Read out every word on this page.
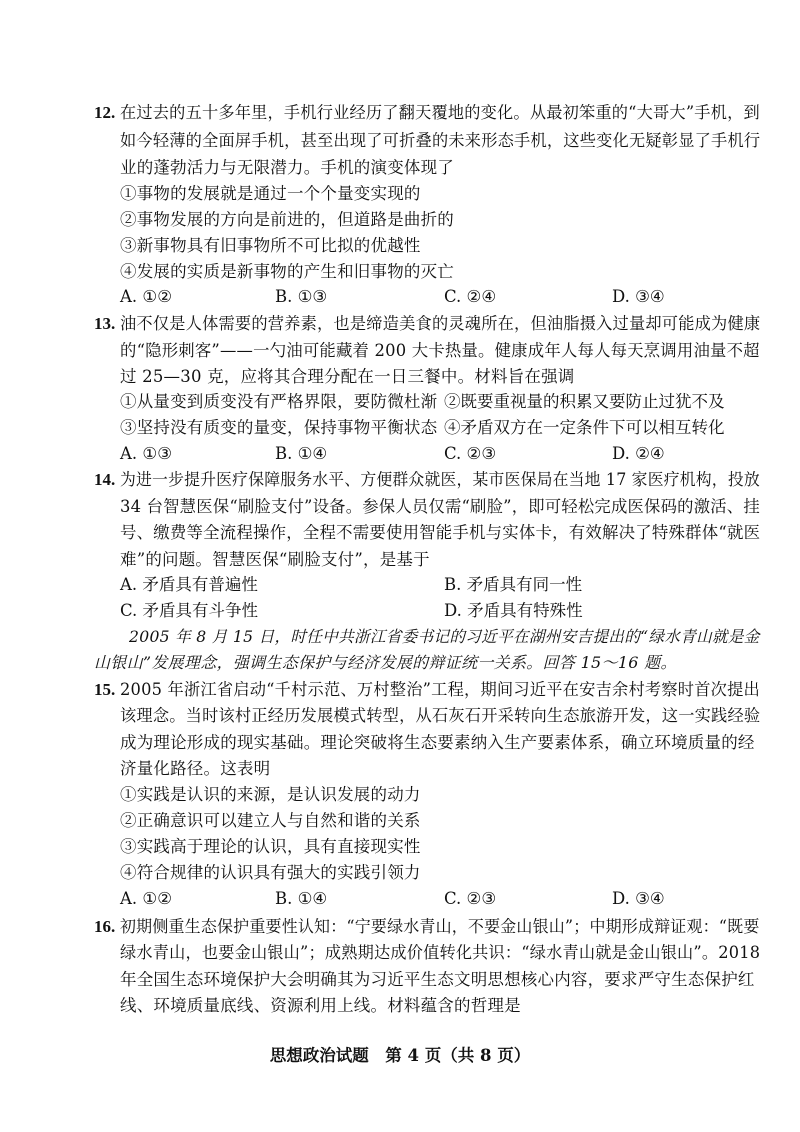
12. 在过去的五十多年里，手机行业经历了翻天覆地的变化。从最初笨重的“大哥大”手机，到
如今轻薄的全面屏手机，甚至出现了可折叠的未来形态手机，这些变化无疑彰显了手机行
业的蓬勃活力与无限潜力。手机的演变体现了
①事物的发展就是通过一个个量变实现的
②事物发展的方向是前进的，但道路是曲折的
③新事物具有旧事物所不可比拟的优越性
④发展的实质是新事物的产生和旧事物的灭亡
A. ①②	B. ①③	C. ②④	D. ③④
13. 油不仅是人体需要的营养素，也是缔造美食的灵魂所在，但油脂摄入过量却可能成为健康
的“隐形刺客”——一勺油可能藏着 200 大卡热量。健康成年人每人每天烹调用油量不超
过 25—30 克，应将其合理分配在一日三餐中。材料旨在强调
①从量变到质变没有严格界限，要防微杜渐 ②既要重视量的积累又要防止过犹不及
③坚持没有质变的量变，保持事物平衡状态 ④矛盾双方在一定条件下可以相互转化
A. ①③	B. ①④	C. ②③	D. ②④
14. 为进一步提升医疗保障服务水平、方便群众就医，某市医保局在当地 17 家医疗机构，投放
34 台智慧医保“刷脸支付”设备。参保人员仅需“刷脸”，即可轻松完成医保码的激活、挂
号、缴费等全流程操作，全程不需要使用智能手机与实体卡，有效解决了特殊群体“就医
难”的问题。智慧医保“刷脸支付”，是基于
A. 矛盾具有普遍性	B. 矛盾具有同一性
C. 矛盾具有斗争性	D. 矛盾具有特殊性
2005 年 8 月 15 日，时任中共浙江省委书记的习近平在湖州安吉提出的“绿水青山就是金
山银山”发展理念，强调生态保护与经济发展的辩证统一关系。回答 15～16 题。
15. 2005 年浙江省启动“千村示范、万村整治”工程，期间习近平在安吉余村考察时首次提出
该理念。当时该村正经历发展模式转型，从石灰石开采转向生态旅游开发，这一实践经验
成为理论形成的现实基础。理论突破将生态要素纳入生产要素体系，确立环境质量的经
济量化路径。这表明
①实践是认识的来源，是认识发展的动力
②正确意识可以建立人与自然和谐的关系
③实践高于理论的认识，具有直接现实性
④符合规律的认识具有强大的实践引领力
A. ①②	B. ①④	C. ②③	D. ③④
16. 初期侧重生态保护重要性认知：“宁要绿水青山，不要金山银山”；中期形成辩证观：“既要
绿水青山，也要金山银山”；成熟期达成价值转化共识：“绿水青山就是金山银山”。2018
年全国生态环境保护大会明确其为习近平生态文明思想核心内容，要求严守生态保护红
线、环境质量底线、资源利用上线。材料蕴含的哲理是
思想政治试题　第 4 页（共 8 页）
